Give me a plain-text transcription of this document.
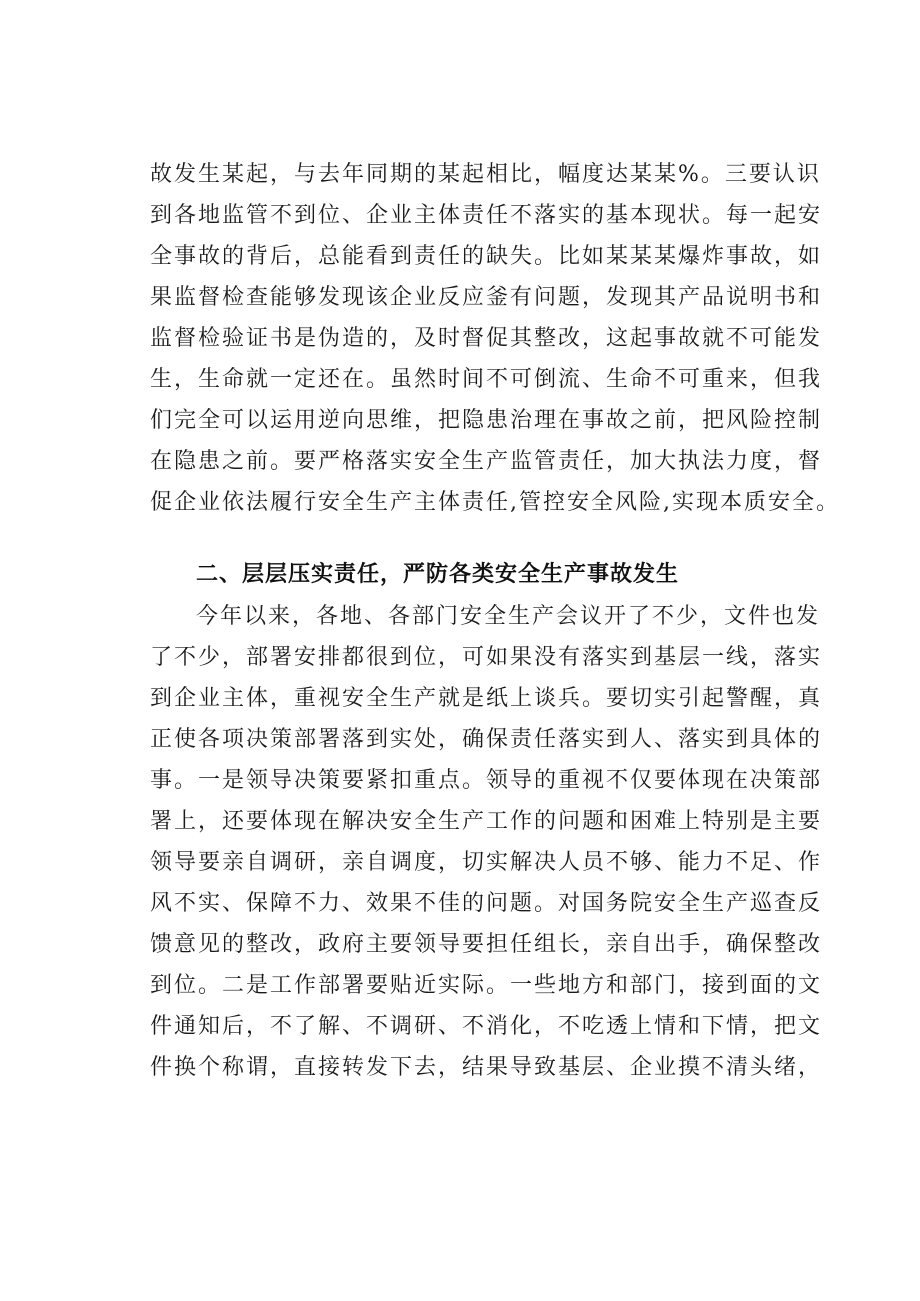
故发生某起，与去年同期的某起相比，幅度达某某%。三要认识
到各地监管不到位、企业主体责任不落实的基本现状。每一起安
全事故的背后，总能看到责任的缺失。比如某某某爆炸事故，如
果监督检查能够发现该企业反应釜有问题，发现其产品说明书和
监督检验证书是伪造的，及时督促其整改，这起事故就不可能发
生，生命就一定还在。虽然时间不可倒流、生命不可重来，但我
们完全可以运用逆向思维，把隐患治理在事故之前，把风险控制
在隐患之前。要严格落实安全生产监管责任，加大执法力度，督
促企业依法履行安全生产主体责任,管控安全风险,实现本质安全。
二、层层压实责任，严防各类安全生产事故发生
今年以来，各地、各部门安全生产会议开了不少，文件也发
了不少，部署安排都很到位，可如果没有落实到基层一线，落实
到企业主体，重视安全生产就是纸上谈兵。要切实引起警醒，真
正使各项决策部署落到实处，确保责任落实到人、落实到具体的
事。一是领导决策要紧扣重点。领导的重视不仅要体现在决策部
署上，还要体现在解决安全生产工作的问题和困难上特别是主要
领导要亲自调研，亲自调度，切实解决人员不够、能力不足、作
风不实、保障不力、效果不佳的问题。对国务院安全生产巡查反
馈意见的整改，政府主要领导要担任组长，亲自出手，确保整改
到位。二是工作部署要贴近实际。一些地方和部门，接到面的文
件通知后，不了解、不调研、不消化，不吃透上情和下情，把文
件换个称谓，直接转发下去，结果导致基层、企业摸不清头绪，
